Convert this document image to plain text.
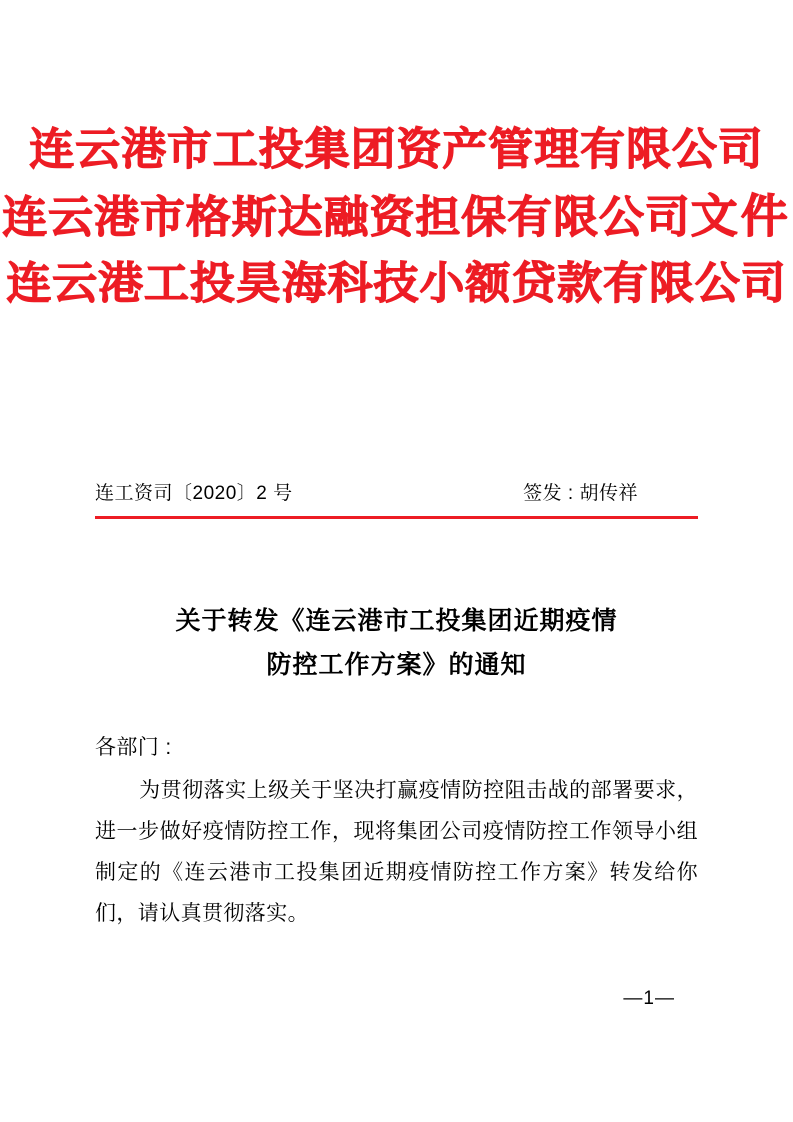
连云港市工投集团资产管理有限公司
连云港市格斯达融资担保有限公司文件
连云港工投昊海科技小额贷款有限公司
连工资司〔2020〕2 号	签发 : 胡传祥
关于转发《连云港市工投集团近期疫情
防控工作方案》的通知

各部门 :

为贯彻落实上级关于坚决打赢疫情防控阻击战的部署要求，进一步做好疫情防控工作，现将集团公司疫情防控工作领导小组制定的《连云港市工投集团近期疫情防控工作方案》转发给你们，请认真贯彻落实。

—1—
